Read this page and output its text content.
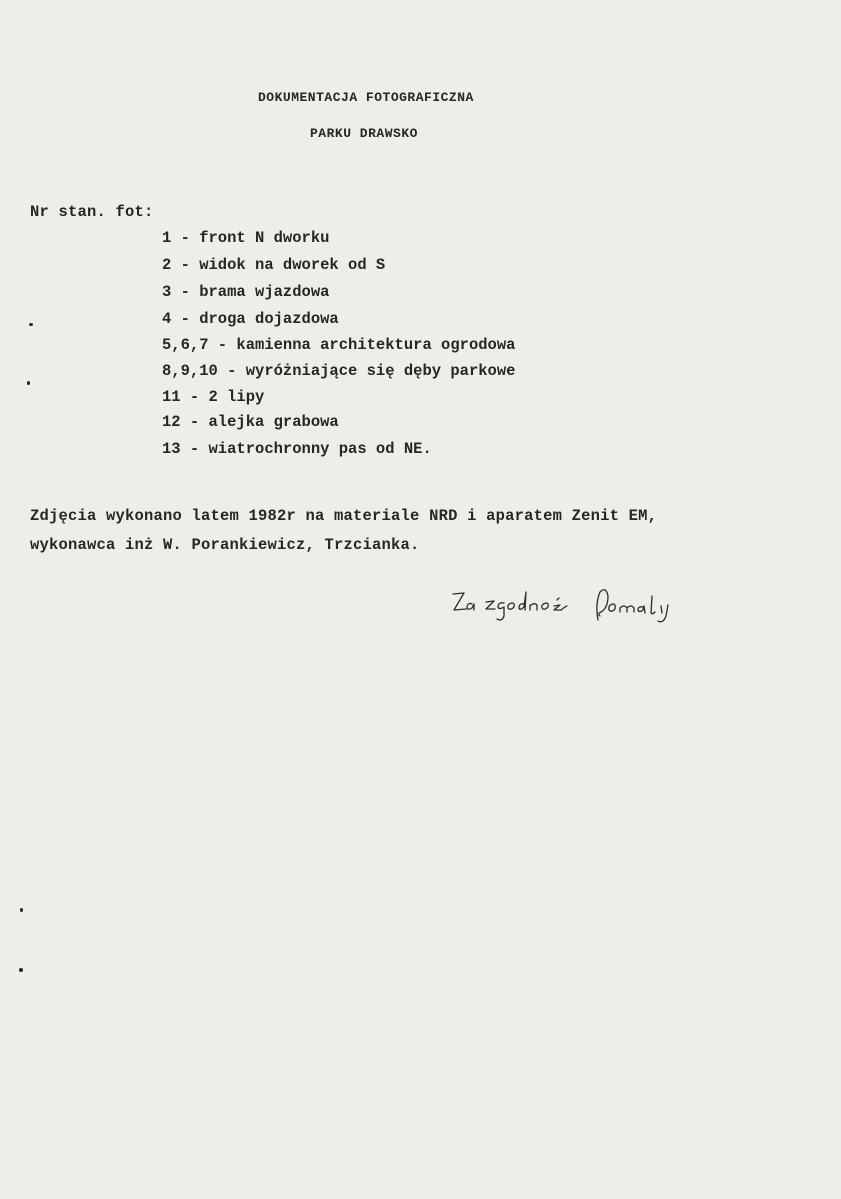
DOKUMENTACJA FOTOGRAFICZNA
PARKU DRAWSKO
Nr stan. fot:
1 - front N dworku
2 - widok na dworek od S
3 - brama wjazdowa
4 - droga dojazdowa
5,6,7 - kamienna architektura ogrodowa
8,9,10 - wyróżniające się dęby parkowe
11 - 2 lipy
12 - alejka grabowa
13 - wiatrochronny pas od NE.
Zdjęcia wykonano latem 1982r na materiale NRD i aparatem Zenit EM,
wykonawca inż W. Porankiewicz, Trzcianka.
